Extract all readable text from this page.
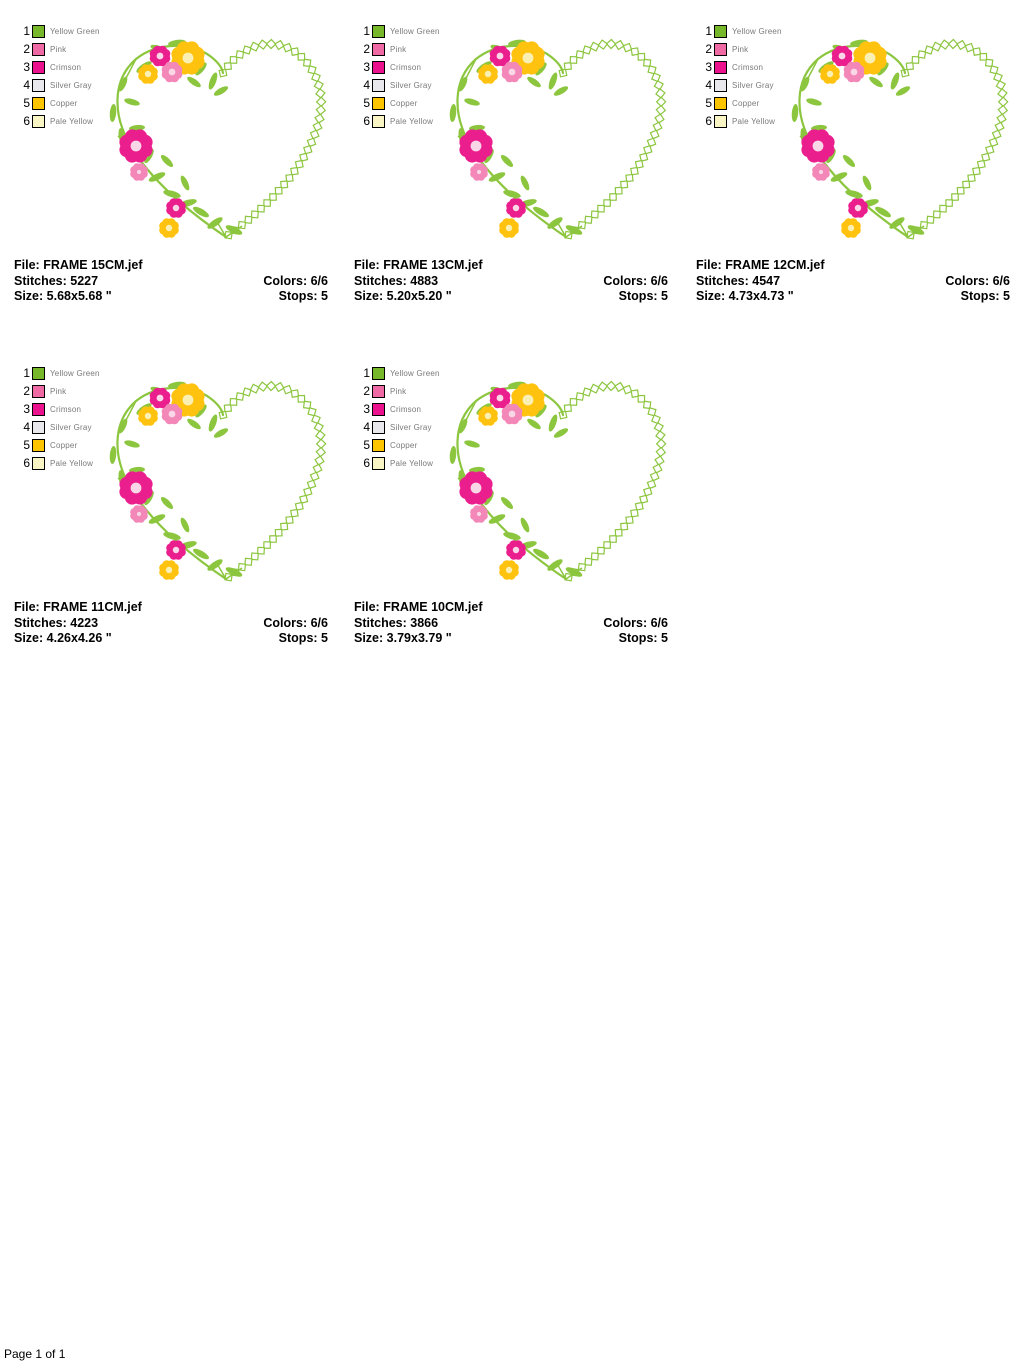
1	Yellow Green
2	Pink
3	Crimson
4	Silver Gray
5	Copper
6	Pale Yellow
File: FRAME 15CM.jef
Stitches: 5227	Colors: 6/6
Size: 5.68x5.68 "	Stops: 5
1	Yellow Green
2	Pink
3	Crimson
4	Silver Gray
5	Copper
6	Pale Yellow
File: FRAME 13CM.jef
Stitches: 4883	Colors: 6/6
Size: 5.20x5.20 "	Stops: 5
1	Yellow Green
2	Pink
3	Crimson
4	Silver Gray
5	Copper
6	Pale Yellow
File: FRAME 12CM.jef
Stitches: 4547	Colors: 6/6
Size: 4.73x4.73 "	Stops: 5
1	Yellow Green
2	Pink
3	Crimson
4	Silver Gray
5	Copper
6	Pale Yellow
File: FRAME 11CM.jef
Stitches: 4223	Colors: 6/6
Size: 4.26x4.26 "	Stops: 5
1	Yellow Green
2	Pink
3	Crimson
4	Silver Gray
5	Copper
6	Pale Yellow
File: FRAME 10CM.jef
Stitches: 3866	Colors: 6/6
Size: 3.79x3.79 "	Stops: 5
Page 1 of 1
